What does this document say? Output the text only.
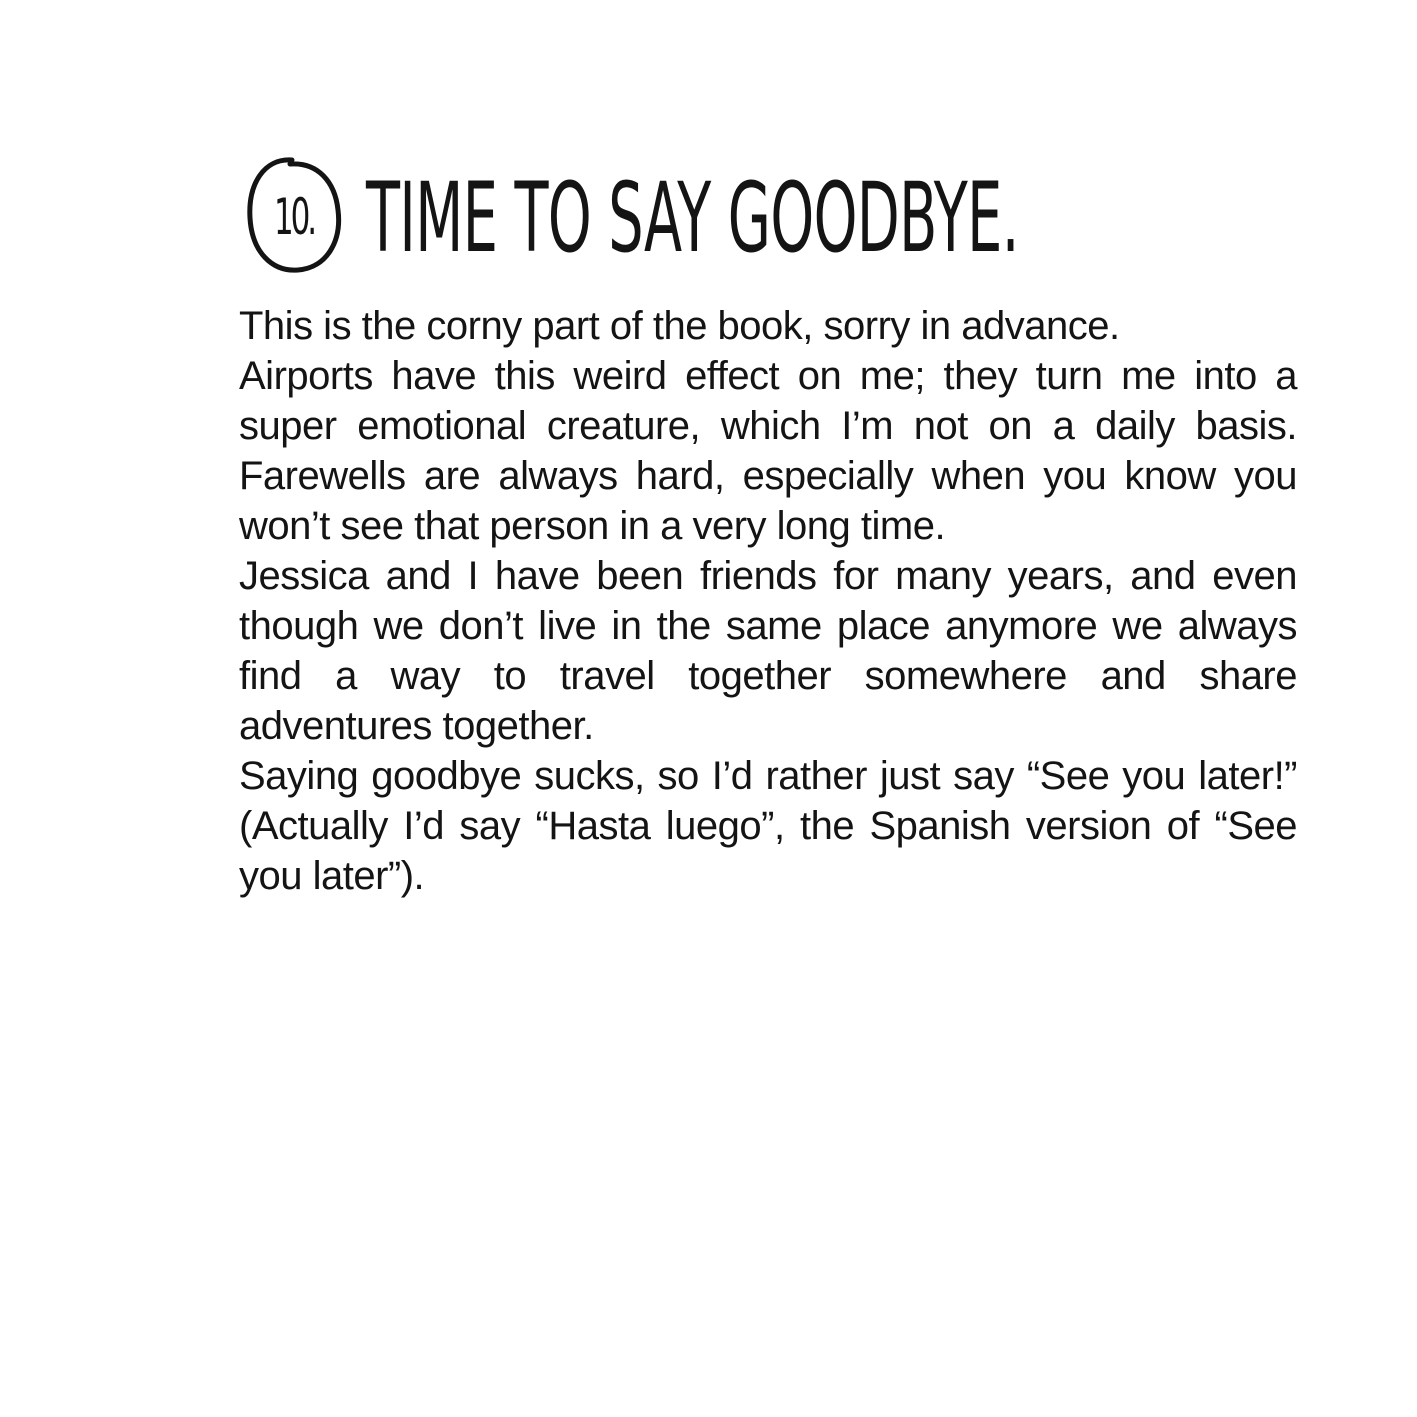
10. TIME TO SAY GOODBYE.

This is the corny part of the book, sorry in advance.

Airports have this weird effect on me; they turn me into a super emotional creature, which I’m not on a daily basis. Farewells are always hard, especially when you know you won’t see that person in a very long time.

Jessica and I have been friends for many years, and even though we don’t live in the same place anymore we always find a way to travel together somewhere and share adventures together.

Saying goodbye sucks, so I’d rather just say “See you later!” (Actually I’d say “Hasta luego”, the Spanish version of “See you later”).
